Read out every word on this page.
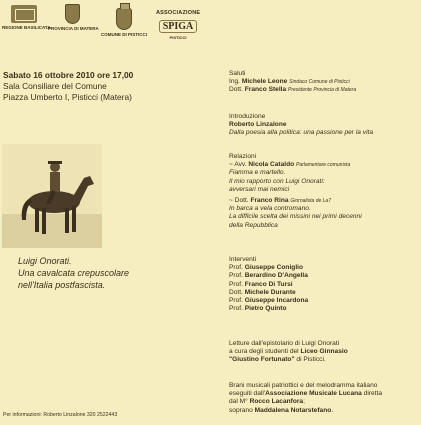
REGIONE BASILICATA
PROVINCIA DI MATERA
COMUNE DI PISTICCI
ASSOCIAZIONE
SPIGA
PISTICCI
Sabato 16 ottobre 2010 ore 17,00
Sala Consiliare del Comune
Piazza Umberto I, Pisticci (Matera)
Luigi Onorati.
Una cavalcata crepuscolare
nell'Italia postfascista.
Per informazioni: Roberto Linzalone 320 2522443
Saluti
Ing. Michele Leone Sindaco Comune di Pisticci
Dott. Franco Stella Presidente Provincia di Matera
Introduzione
Roberto Linzalone
Dalla poesia alla politica: una passione per la vita
Relazioni
~ Avv. Nicola Cataldo Parlamentare comunista
Fiamma e martello.
Il mio rapporto con Luigi Onorati:
avversari mai nemici
~ Dott. Franco Rina Giornalista de La7
In barca a vela contromano.
La difficile scelta dei missini nei primi decenni
della Repubblica
Interventi
Prof. Giuseppe Coniglio
Prof. Berardino D'Angella
Prof. Franco Di Tursi
Dott. Michele Durante
Prof. Giuseppe Incardona
Prof. Pietro Quinto
Letture dall'epistolario di Luigi Onorati
a cura degli studenti del Liceo Ginnasio
"Giustino Fortunato" di Pisticci.
Brani musicali patriottici e del melodramma italiano
eseguiti dall'Associazione Musicale Lucana diretta
dal M° Rocco Lacanfora;
soprano Maddalena Notarstefano.
